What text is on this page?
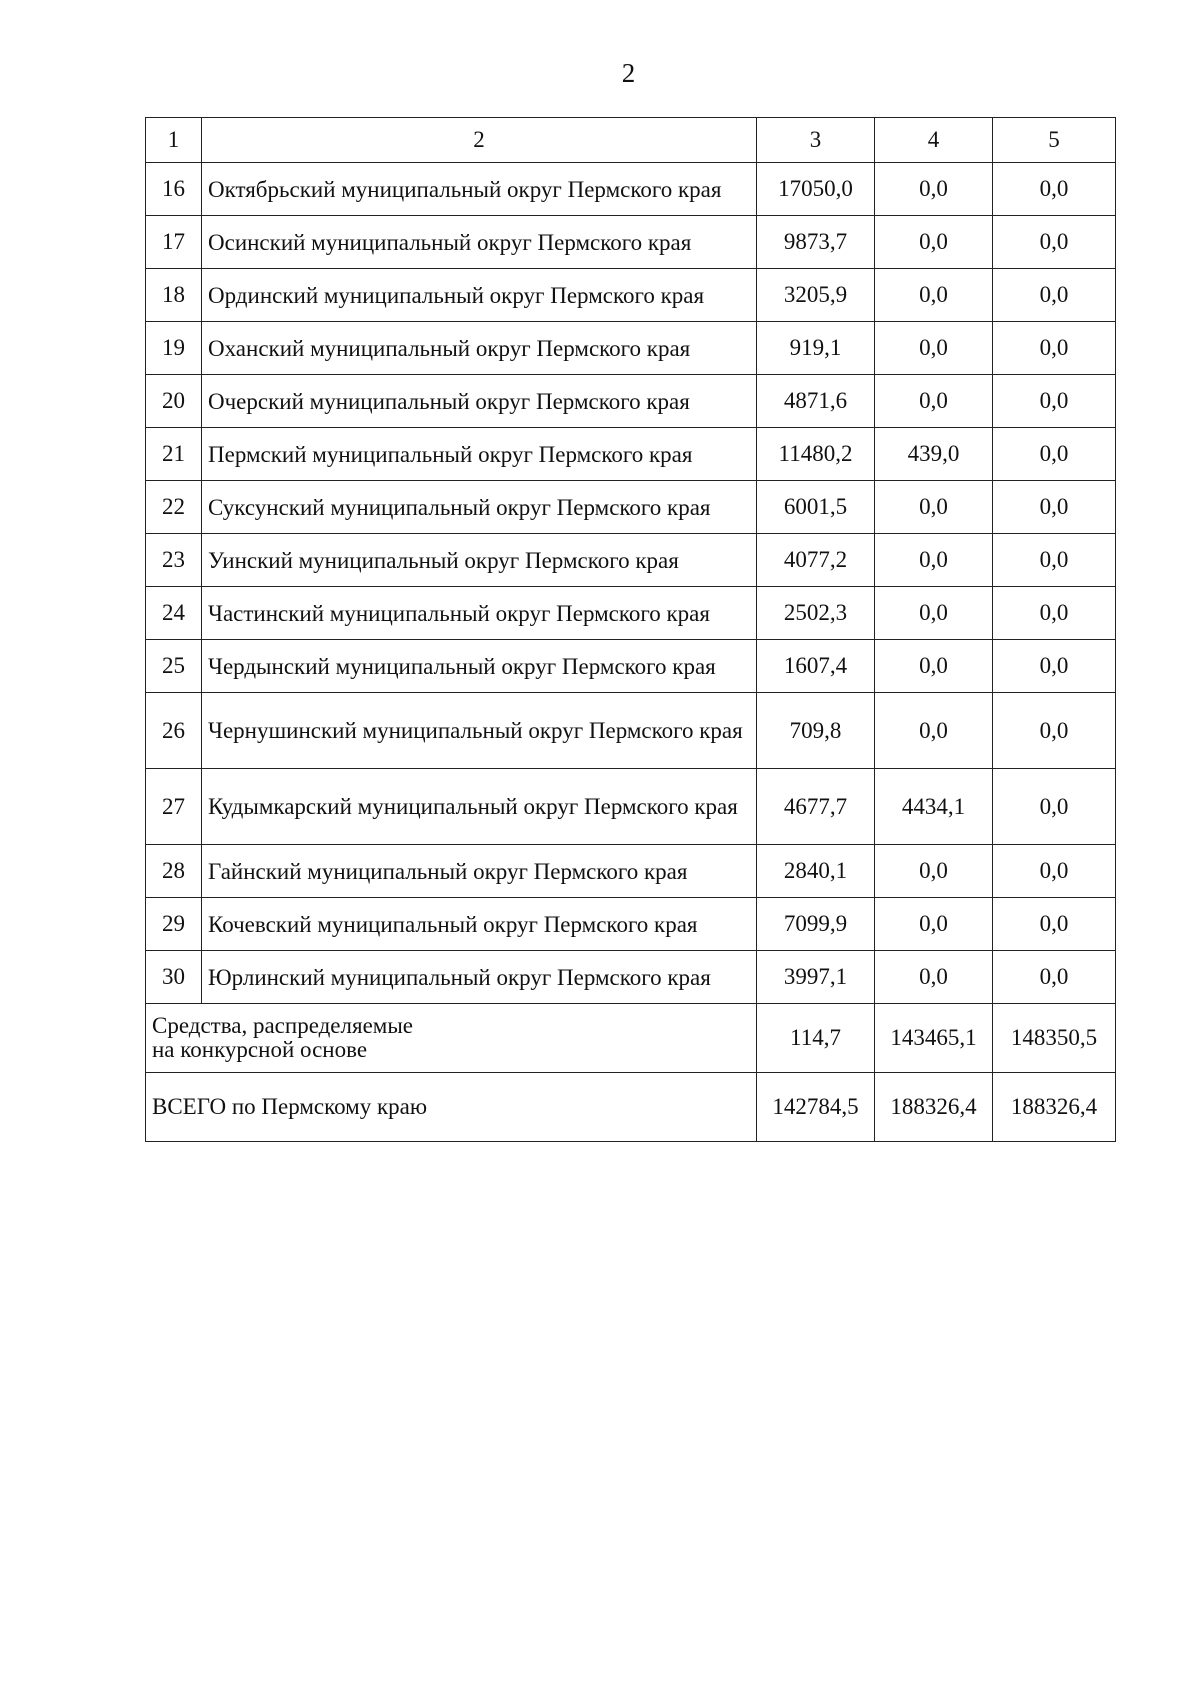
2
1	2	3	4	5
16	Октябрьский муниципальный округ Пермского края	17050,0	0,0	0,0
17	Осинский муниципальный округ Пермского края	9873,7	0,0	0,0
18	Ординский муниципальный округ Пермского края	3205,9	0,0	0,0
19	Оханский муниципальный округ Пермского края	919,1	0,0	0,0
20	Очерский муниципальный округ Пермского края	4871,6	0,0	0,0
21	Пермский муниципальный округ Пермского края	11480,2	439,0	0,0
22	Суксунский муниципальный округ Пермского края	6001,5	0,0	0,0
23	Уинский муниципальный округ Пермского края	4077,2	0,0	0,0
24	Частинский муниципальный округ Пермского края	2502,3	0,0	0,0
25	Чердынский муниципальный округ Пермского края	1607,4	0,0	0,0
26	Чернушинский муниципальный округ Пермского края	709,8	0,0	0,0
27	Кудымкарский муниципальный округ Пермского края	4677,7	4434,1	0,0
28	Гайнский муниципальный округ Пермского края	2840,1	0,0	0,0
29	Кочевский муниципальный округ Пермского края	7099,9	0,0	0,0
30	Юрлинский муниципальный округ Пермского края	3997,1	0,0	0,0

Средства, распределяемые
на конкурсной основе		114,7	143465,1	148350,5
ВСЕГО по Пермскому краю		142784,5	188326,4	188326,4
